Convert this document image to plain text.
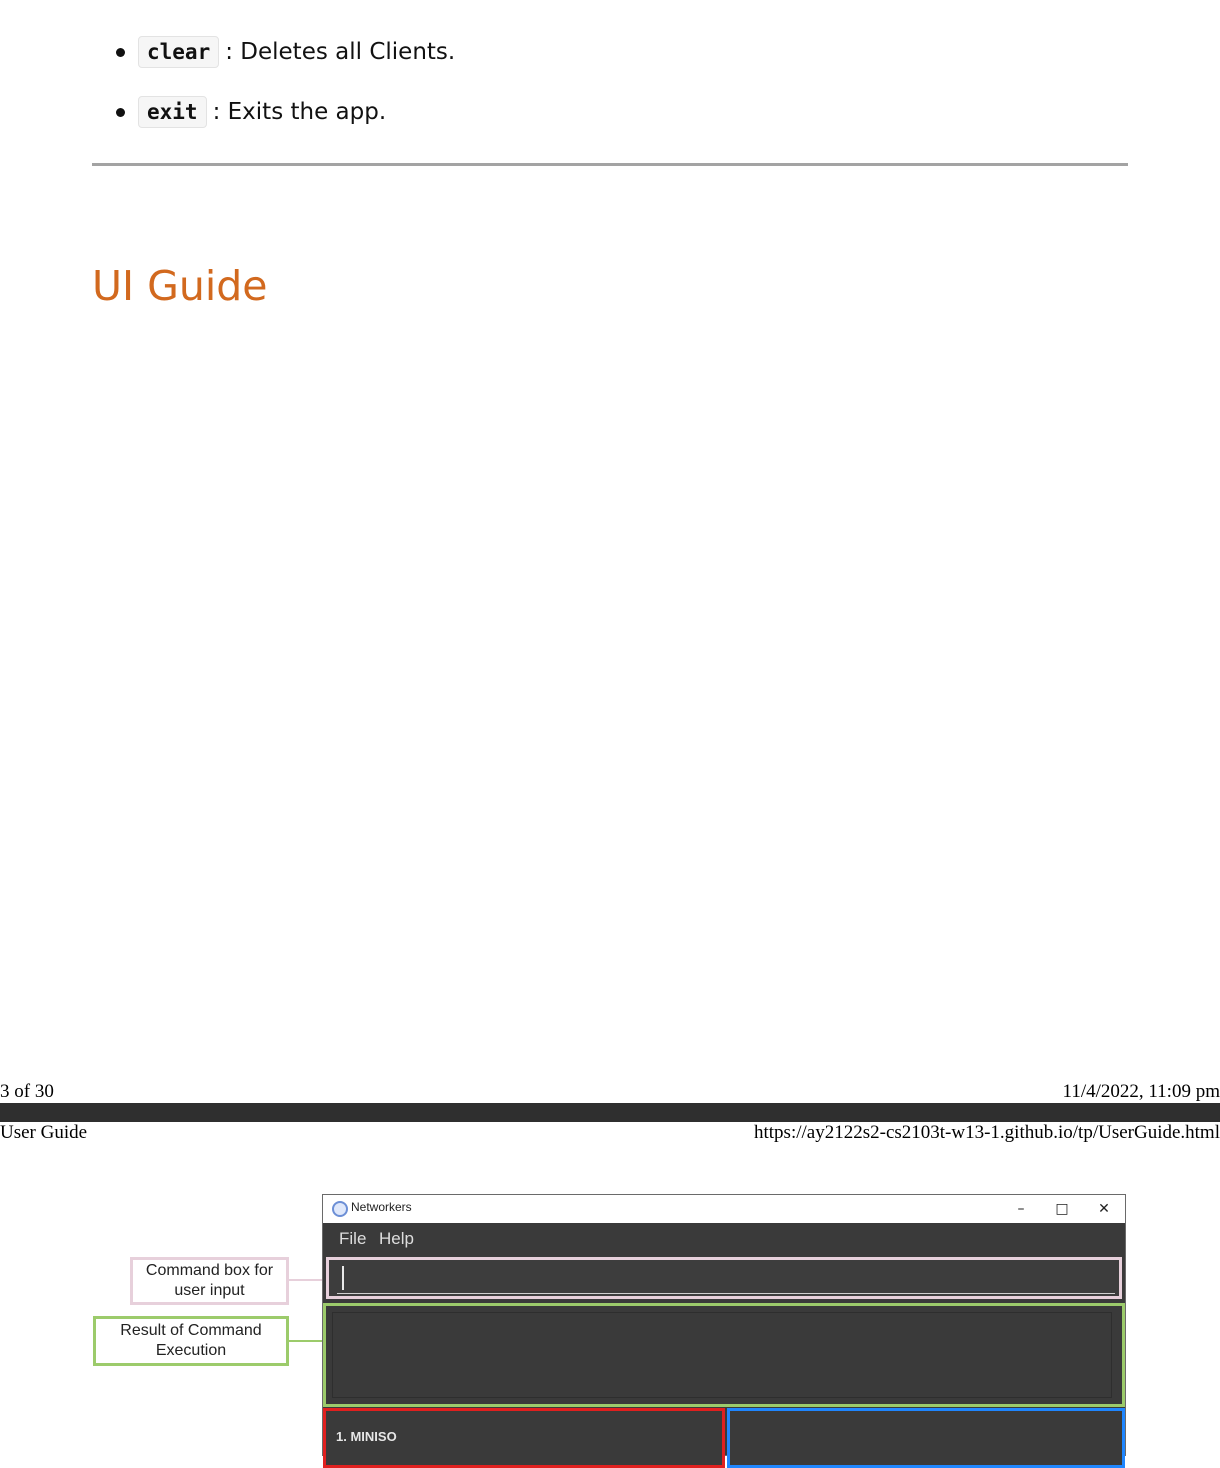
clear : Deletes all Clients.
exit : Exits the app.
UI Guide
3 of 30	11/4/2022, 11:09 pm
User Guide	https://ay2122s2-cs2103t-w13-1.github.io/tp/UserGuide.html
Command box for user input
Result of Command Execution
Networkers	–	□	✕
File Help
1. MINISO
